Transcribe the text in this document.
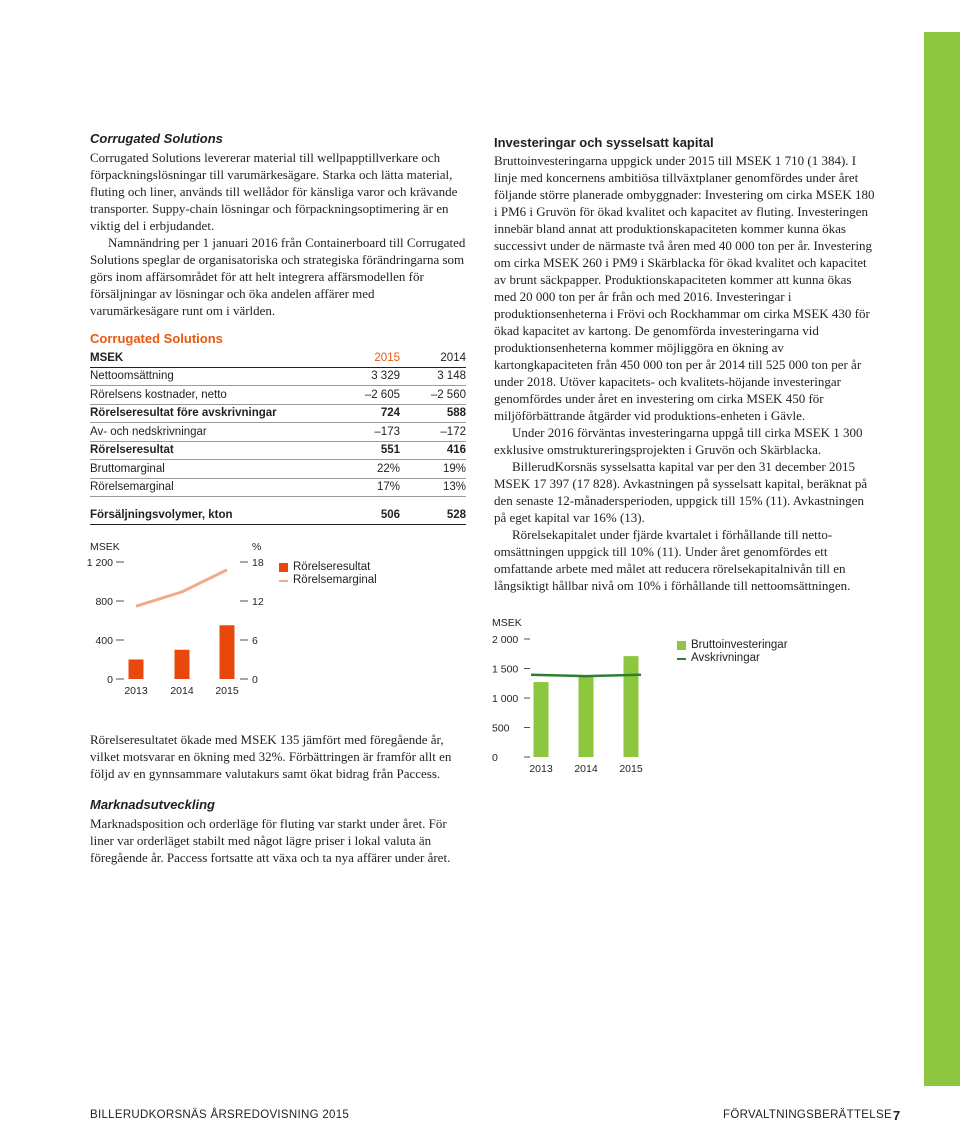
Corrugated Solutions

Corrugated Solutions levererar material till wellpapptillverkare och förpackningslösningar till varumärkesägare. Starka och lätta material, fluting och liner, används till wellådor för känsliga varor och krävande transporter. Suppy-chain lösningar och förpackningsoptimering är en viktig del i erbjudandet.

Namnändring per 1 januari 2016 från Containerboard till Corrugated Solutions speglar de organisatoriska och strategiska förändringarna som görs inom affärsområdet för att helt integrera affärsmodellen för försäljningar av lösningar och öka andelen affärer med varumärkesägare runt om i världen.

Corrugated Solutions
MSEK	2015	2014
Nettoomsättning	3 329	3 148
Rörelsens kostnader, netto	–2 605	–2 560
Rörelseresultat före avskrivningar	724	588
Av- och nedskrivningar	–173	–172
Rörelseresultat	551	416
Bruttomarginal	22%	19%
Rörelsemarginal	17%	13%
Försäljningsvolymer, kton	506	528
MSEK	%
0
400
800
1 200
0
6
12
18
2013 2014 2015
Rörelseresultat
Rörelsemarginal

Rörelseresultatet ökade med MSEK 135 jämfört med föregående år, vilket motsvarar en ökning med 32%. Förbättringen är framför allt en följd av en gynnsammare valutakurs samt ökat bidrag från Paccess.

Marknadsutveckling

Marknadsposition och orderläge för fluting var starkt under året. För liner var orderläget stabilt med något lägre priser i lokal valuta än föregående år. Paccess fortsatte att växa och ta nya affärer under året.

Investeringar och sysselsatt kapital

Bruttoinvesteringarna uppgick under 2015 till MSEK 1 710 (1 384). I linje med koncernens ambitiösa tillväxtplaner genomfördes under året följande större planerade ombyggnader: Investering om cirka MSEK 180 i PM6 i Gruvön för ökad kvalitet och kapacitet av fluting. Investeringen innebär bland annat att produktionskapaciteten kommer kunna ökas successivt under de närmaste två åren med 40 000 ton per år. Investering om cirka MSEK 260 i PM9 i Skärblacka för ökad kvalitet och kapacitet av brunt säckpapper. Produktionskapaciteten kommer att kunna ökas med 20 000 ton per år från och med 2016. Investeringar i produktionsenheterna i Frövi och Rockhammar om cirka MSEK 430 för ökad kapacitet av kartong. De genomförda investeringarna vid produktionsenheterna kommer möjliggöra en ökning av kartongkapaciteten från 450 000 ton per år 2014 till 525 000 ton per år under 2018. Utöver kapacitets- och kvalitets-höjande investeringar genomfördes under året en investering om cirka MSEK 450 för miljöförbättrande åtgärder vid produktions-enheten i Gävle.

Under 2016 förväntas investeringarna uppgå till cirka MSEK 1 300 exklusive omstruktureringsprojekten i Gruvön och Skärblacka.

BillerudKorsnäs sysselsatta kapital var per den 31 december 2015 MSEK 17 397 (17 828). Avkastningen på sysselsatt kapital, beräknat på den senaste 12-månadersperioden, uppgick till 15% (11). Avkastningen på eget kapital var 16% (13).

Rörelsekapitalet under fjärde kvartalet i förhållande till netto-omsättningen uppgick till 10% (11). Under året genomfördes ett omfattande arbete med målet att reducera rörelsekapitalnivån till en långsiktigt hållbar nivå om 10% i förhållande till nettoomsättningen.

MSEK
0
500
1 000
1 500
2 000
2013 2014 2015
Bruttoinvesteringar
Avskrivningar
BILLERUDKORSNÄS ÅRSREDOVISNING 2015	FÖRVALTNINGSBERÄTTELSE 7
